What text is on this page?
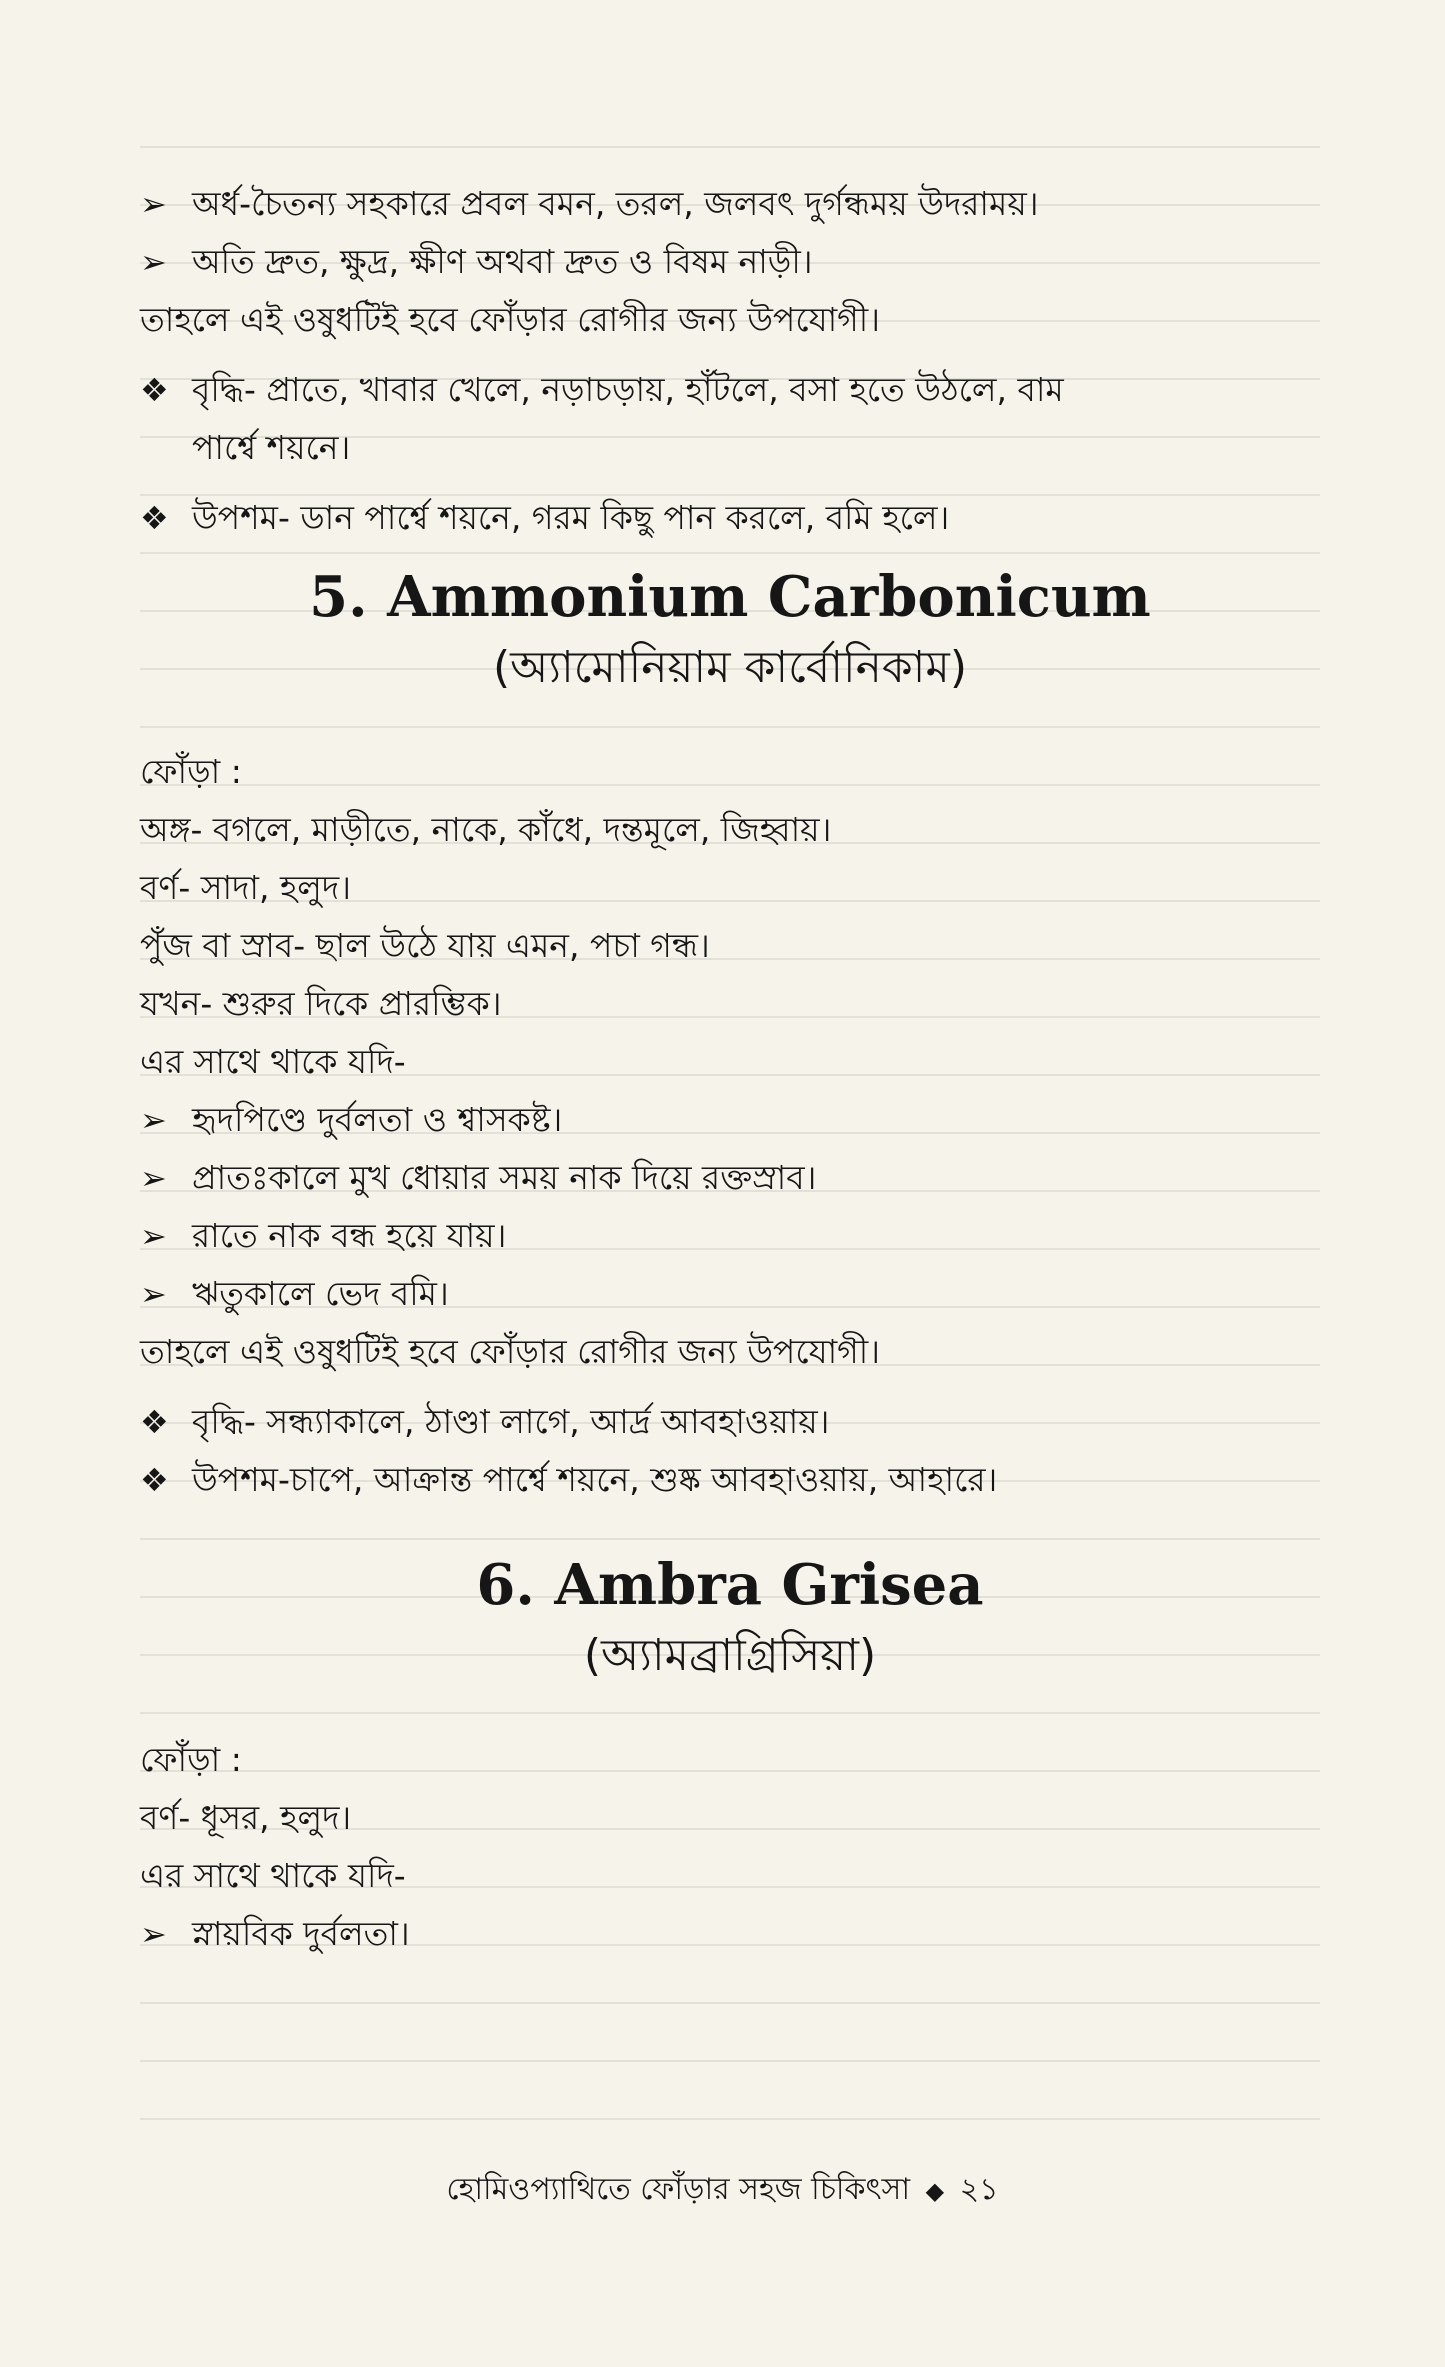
➢
অর্ধ-চৈতন্য সহকারে প্রবল বমন, তরল, জলবৎ দুর্গন্ধময় উদরাময়।
➢
অতি দ্রুত, ক্ষুদ্র, ক্ষীণ অথবা দ্রুত ও বিষম নাড়ী।
তাহলে এই ওষুধটিই হবে ফোঁড়ার রোগীর জন্য উপযোগী।
❖
বৃদ্ধি- প্রাতে, খাবার খেলে, নড়াচড়ায়, হাঁটলে, বসা হতে উঠলে, বাম
পার্শ্বে শয়নে।
❖
উপশম- ডান পার্শ্বে শয়নে, গরম কিছু পান করলে, বমি হলে।
5. Ammonium Carbonicum
(অ্যামোনিয়াম কার্বোনিকাম)
ফোঁড়া :
অঙ্গ- বগলে, মাড়ীতে, নাকে, কাঁধে, দন্তমূলে, জিহ্বায়।
বর্ণ- সাদা, হলুদ।
পুঁজ বা স্রাব- ছাল উঠে যায় এমন, পচা গন্ধ।
যখন- শুরুর দিকে প্রারম্ভিক।
এর সাথে থাকে যদি-
➢
হৃদপিণ্ডে দুর্বলতা ও শ্বাসকষ্ট।
➢
প্রাতঃকালে মুখ ধোয়ার সময় নাক দিয়ে রক্তস্রাব।
➢
রাতে নাক বন্ধ হয়ে যায়।
➢
ঋতুকালে ভেদ বমি।
তাহলে এই ওষুধটিই হবে ফোঁড়ার রোগীর জন্য উপযোগী।
❖
বৃদ্ধি- সন্ধ্যাকালে, ঠাণ্ডা লাগে, আর্দ্র আবহাওয়ায়।
❖
উপশম-চাপে, আক্রান্ত পার্শ্বে শয়নে, শুষ্ক আবহাওয়ায়, আহারে।
6. Ambra Grisea
(অ্যামব্রাগ্রিসিয়া)
ফোঁড়া :
বর্ণ- ধূসর, হলুদ।
এর সাথে থাকে যদি-
➢
স্নায়বিক দুর্বলতা।
হোমিওপ্যাথিতে ফোঁড়ার সহজ চিকিৎসা ◆ ২১
